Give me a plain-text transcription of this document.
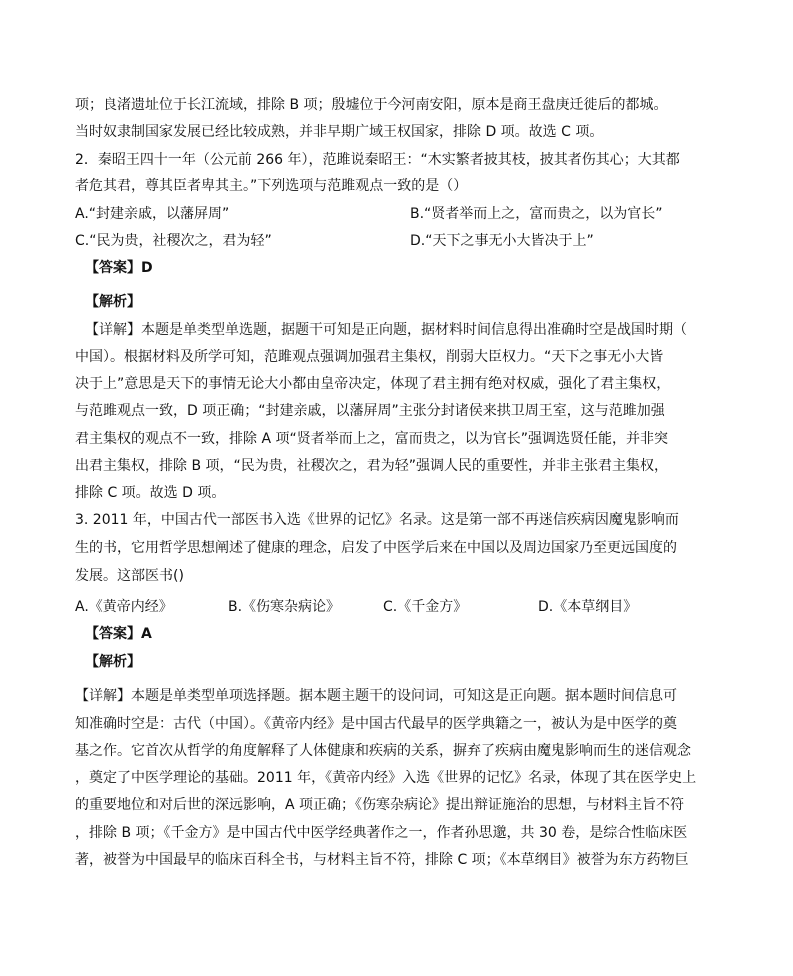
项；良渚遗址位于长江流域，排除 B 项；殷墟位于今河南安阳，原本是商王盘庚迁徙后的都城。
当时奴隶制国家发展已经比较成熟，并非早期广域王权国家，排除 D 项。故选 C 项。
2．秦昭王四十一年（公元前 266 年），范雎说秦昭王：“木实繁者披其枝，披其者伤其心；大其都
者危其君，尊其臣者卑其主。”下列选项与范雎观点一致的是（）
A.“封建亲戚，以藩屏周”	B.“贤者举而上之，富而贵之，以为官长”
C.“民为贵，社稷次之，君为轻”	D.“天下之事无小大皆决于上”
【答案】D
【解析】
【详解】本题是单类型单选题，据题干可知是正向题，据材料时间信息得出准确时空是战国时期（
中国）。根据材料及所学可知，范雎观点强调加强君主集权，削弱大臣权力。“天下之事无小大皆
决于上”意思是天下的事情无论大小都由皇帝决定，体现了君主拥有绝对权威，强化了君主集权，
与范雎观点一致，D 项正确；“封建亲戚，以藩屏周”主张分封诸侯来拱卫周王室，这与范雎加强
君主集权的观点不一致，排除 A 项“贤者举而上之，富而贵之，以为官长”强调选贤任能，并非突
出君主集权，排除 B 项，“民为贵，社稷次之，君为轻”强调人民的重要性，并非主张君主集权，
排除 C 项。故选 D 项。
3. 2011 年，中国古代一部医书入选《世界的记忆》名录。这是第一部不再迷信疾病因魔鬼影响而
生的书，它用哲学思想阐述了健康的理念，启发了中医学后来在中国以及周边国家乃至更远国度的
发展。这部医书()
A.《黄帝内经》	B.《伤寒杂病论》	C.《千金方》	D.《本草纲目》
【答案】A
【解析】
【详解】本题是单类型单项选择题。据本题主题干的设问词，可知这是正向题。据本题时间信息可
知准确时空是：古代（中国）。《黄帝内经》是中国古代最早的医学典籍之一，被认为是中医学的奠
基之作。它首次从哲学的角度解释了人体健康和疾病的关系，摒弃了疾病由魔鬼影响而生的迷信观念
，奠定了中医学理论的基础。2011 年，《黄帝内经》入选《世界的记忆》名录，体现了其在医学史上
的重要地位和对后世的深远影响，A 项正确；《伤寒杂病论》提出辩证施治的思想，与材料主旨不符
，排除 B 项；《千金方》是中国古代中医学经典著作之一，作者孙思邈，共 30 卷，是综合性临床医
著，被誉为中国最早的临床百科全书，与材料主旨不符，排除 C 项；《本草纲目》被誉为东方药物巨
